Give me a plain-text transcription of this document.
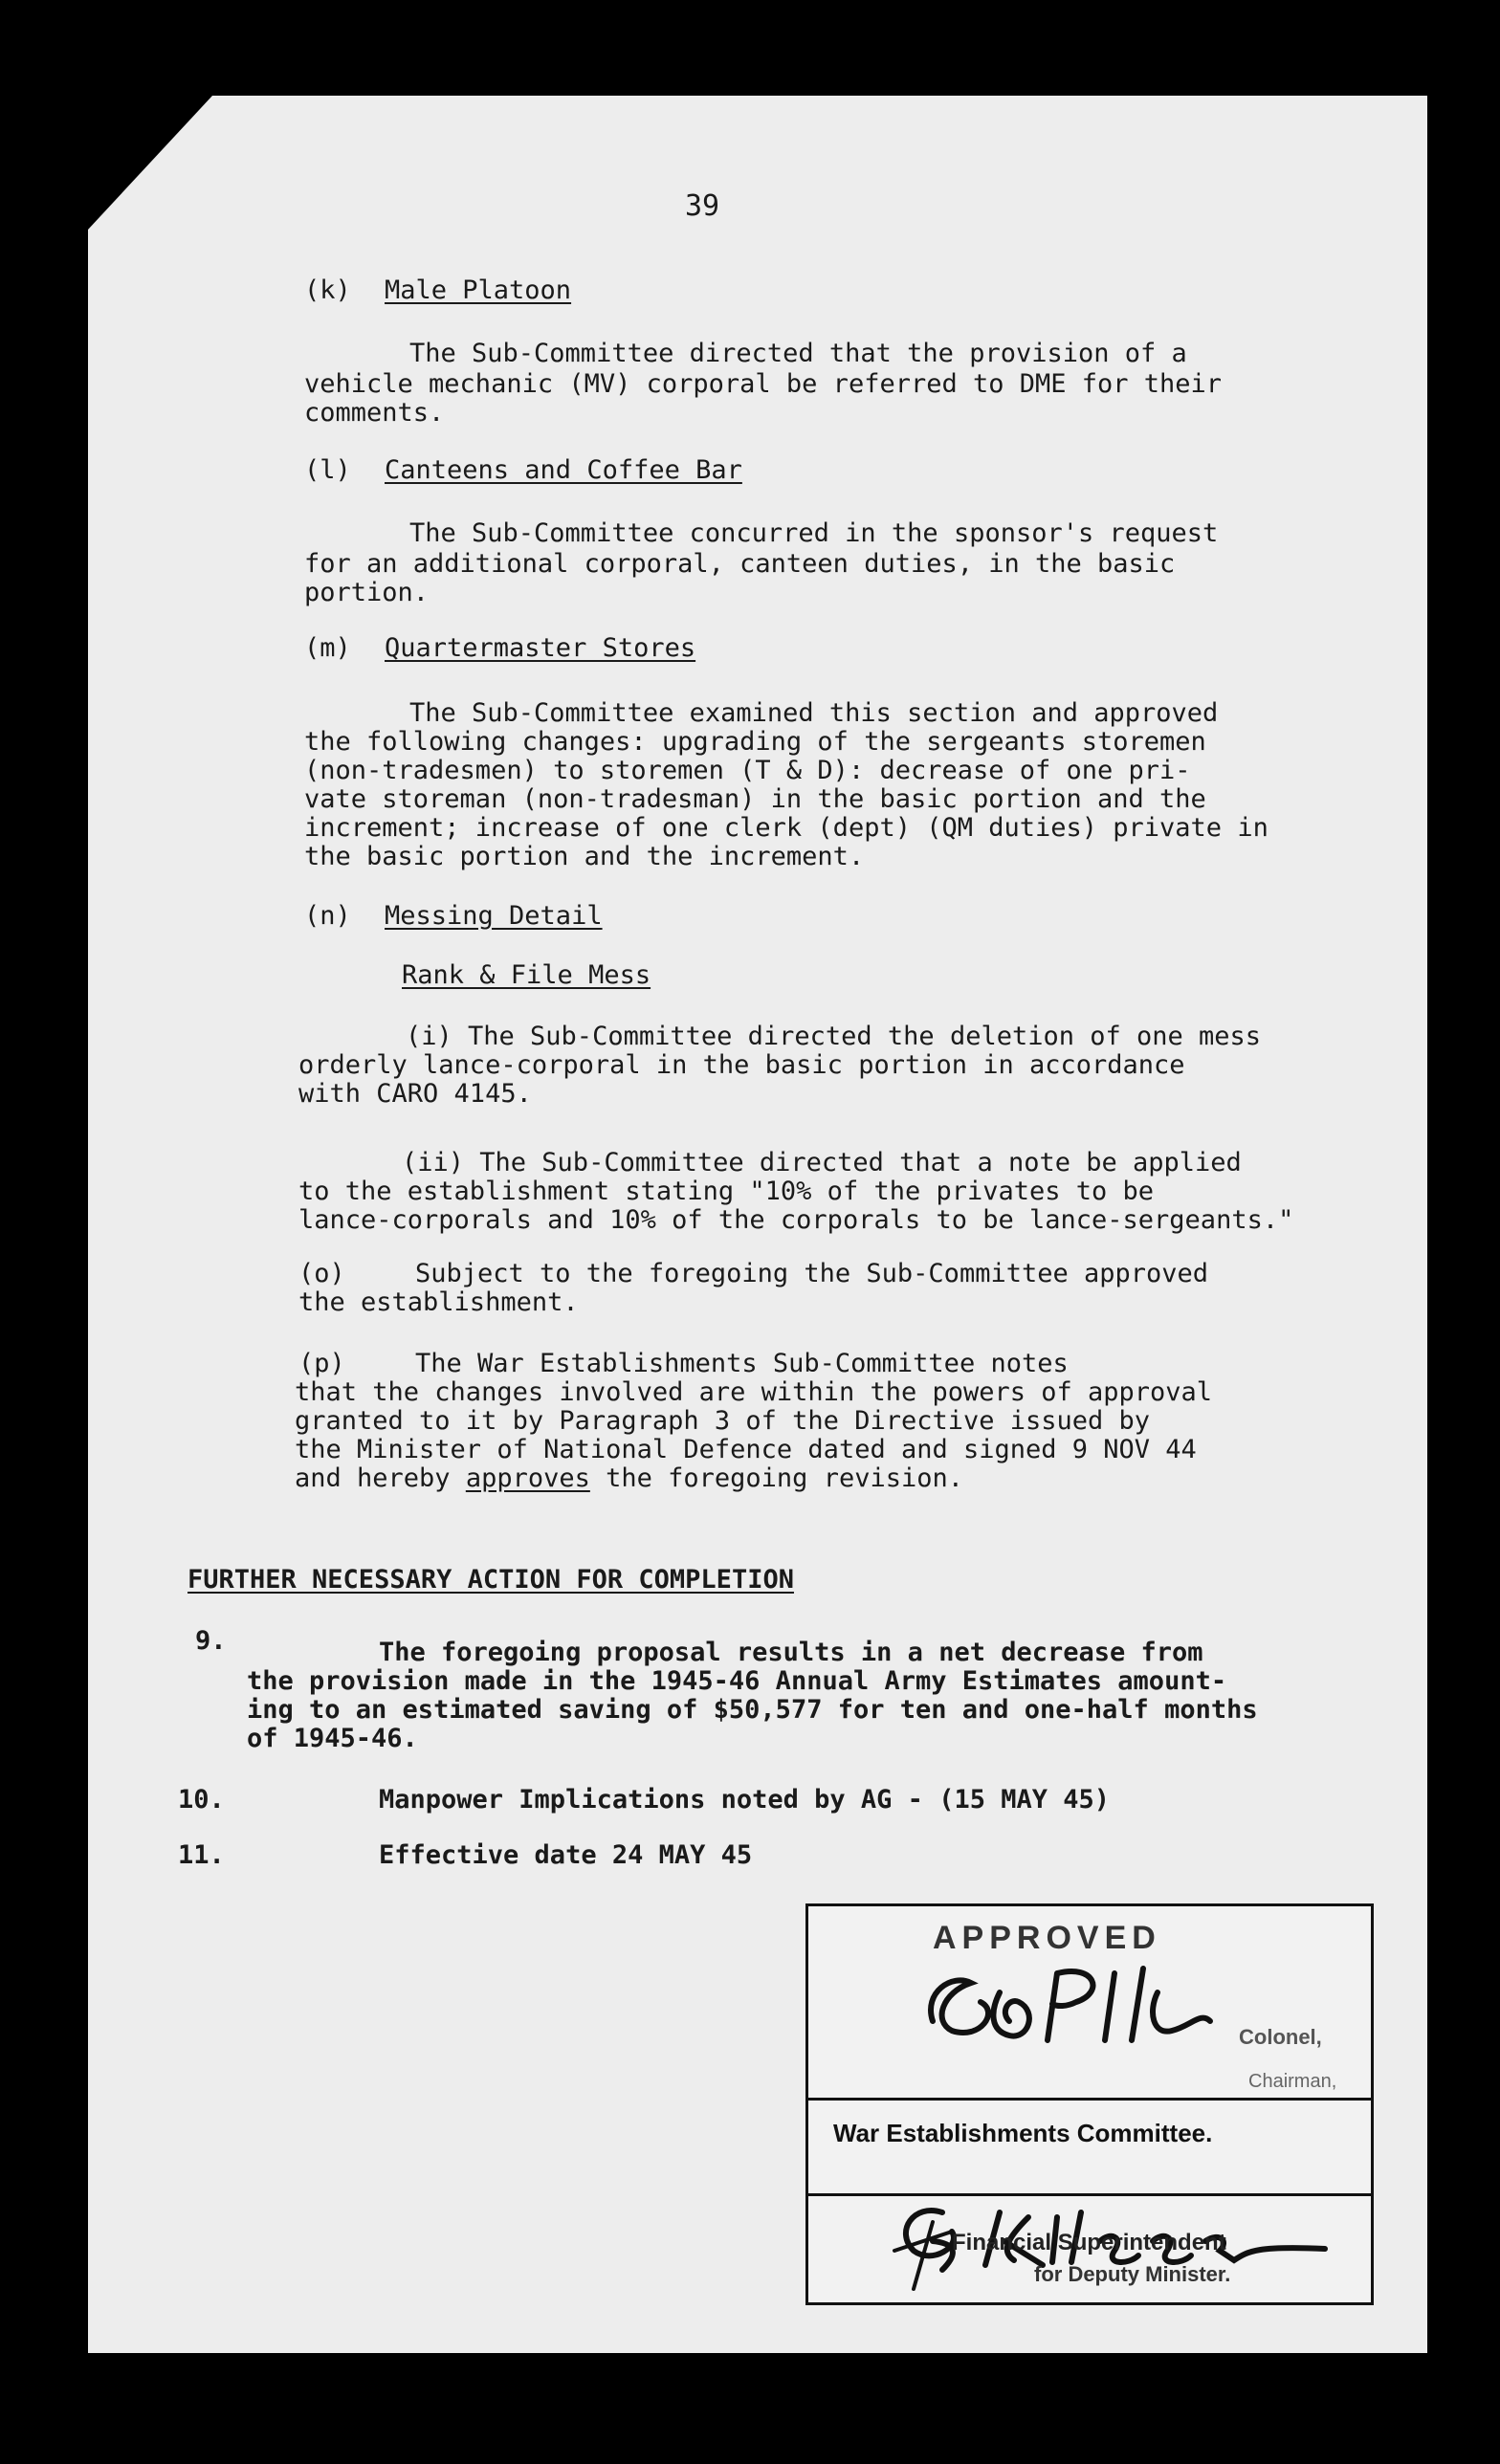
39
(k) Male Platoon
The Sub-Committee directed that the provision of a
vehicle mechanic (MV) corporal be referred to DME for their
comments.
(l) Canteens and Coffee Bar
The Sub-Committee concurred in the sponsor's request
for an additional corporal, canteen duties, in the basic
portion.
(m) Quartermaster Stores
The Sub-Committee examined this section and approved
the following changes: upgrading of the sergeants storemen
(non-tradesmen) to storemen (T & D): decrease of one pri-
vate storeman (non-tradesman) in the basic portion and the
increment; increase of one clerk (dept) (QM duties) private in
the basic portion and the increment.
(n) Messing Detail
Rank & File Mess
(i) The Sub-Committee directed the deletion of one mess
orderly lance-corporal in the basic portion in accordance
with CARO 4145.
(ii) The Sub-Committee directed that a note be applied
to the establishment stating "10% of the privates to be
lance-corporals and 10% of the corporals to be lance-sergeants."
(o)	Subject to the foregoing the Sub-Committee approved
the establishment.
(p)	The War Establishments Sub-Committee notes
that the changes involved are within the powers of approval
granted to it by Paragraph 3 of the Directive issued by
the Minister of National Defence dated and signed 9 NOV 44
and hereby approves the foregoing revision.
FURTHER NECESSARY ACTION FOR COMPLETION
9.	The foregoing proposal results in a net decrease from
the provision made in the 1945-46 Annual Army Estimates amount-
ing to an estimated saving of $50,577 for ten and one-half months
of 1945-46.
10.	Manpower Implications noted by AG - (15 MAY 45)
11.	Effective date 24 MAY 45
APPROVED
Colonel,
Chairman,
War Establishments Committee.
Financial Superintendent
for Deputy Minister.
